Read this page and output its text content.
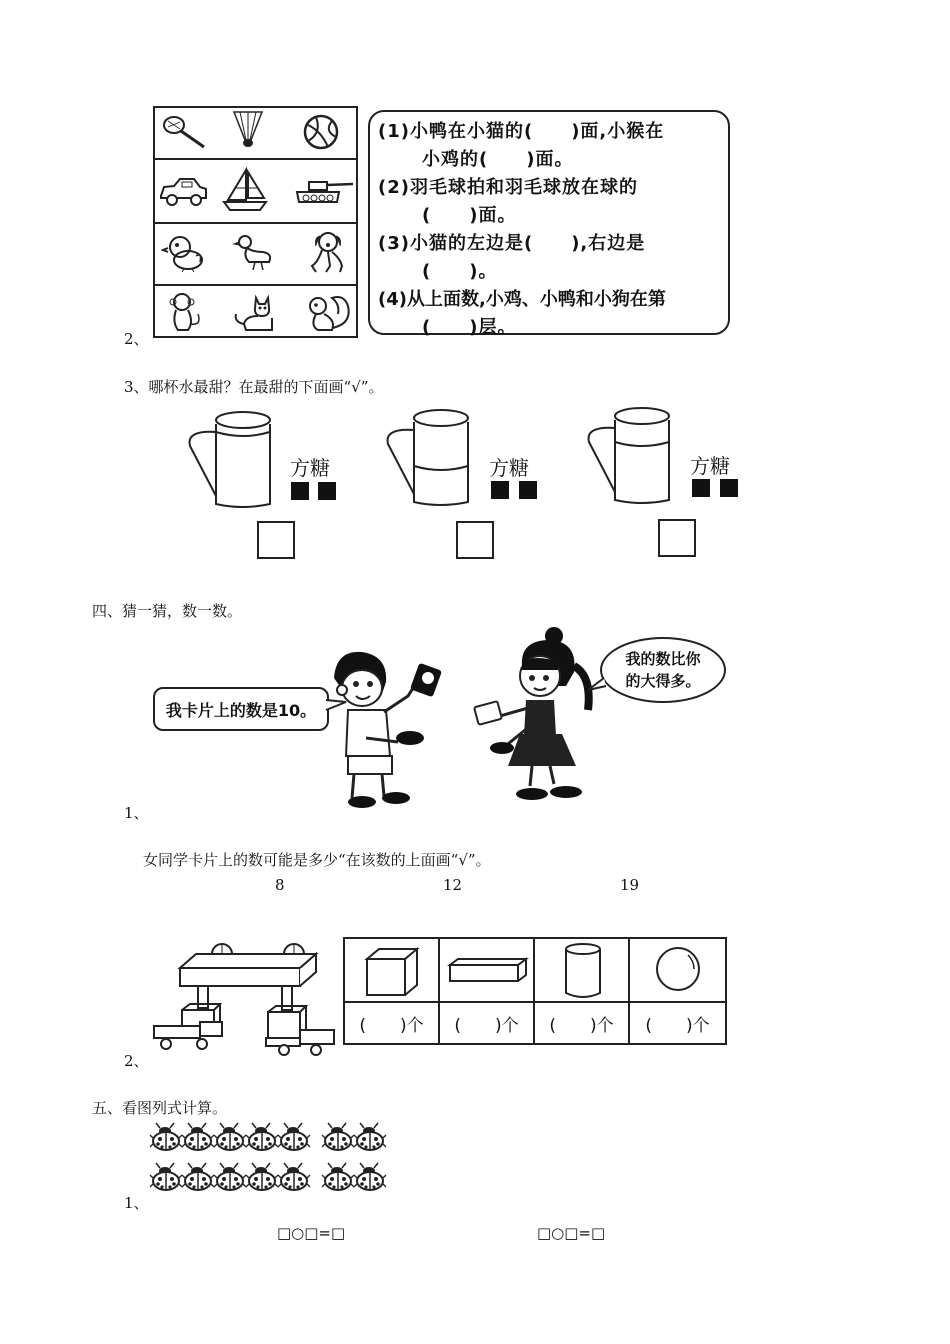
2、
(1)小鸭在小猫的(　　)面,小猴在
小鸡的(　　)面。
(2)羽毛球拍和羽毛球放在球的
(　　)面。
(3)小猫的左边是(　　),右边是
(　　)。
(4)从上面数,小鸡、小鸭和小狗在第
(　　)层。
3、哪杯水最甜？在最甜的下面画“√”。
方糖	方糖	方糖
四、猜一猜，数一数。
我卡片上的数是10。
1、
我的数比你
的大得多。
女同学卡片上的数可能是多少“在该数的上面画“√”。
8	12	19
(　　)个	(　　)个	(　　)个	(　　)个
2、
五、看图列式计算。
1、
□○□=□	□○□=□
